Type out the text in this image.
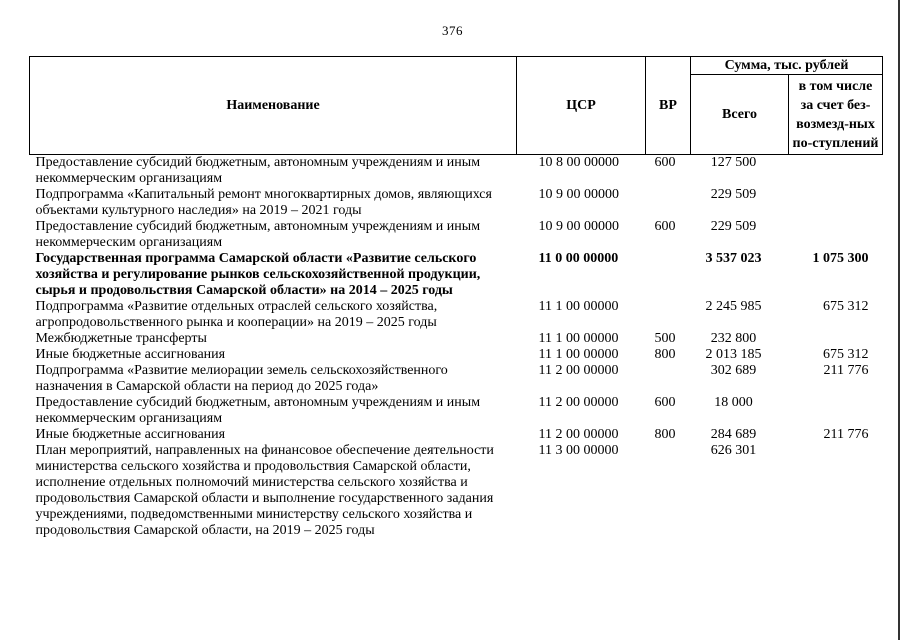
376
Наименование	ЦСР	ВР	Сумма, тыс. рублей	
			Всего	в том числе за счет без-возмезд-ных по-ступлений
Предоставление субсидий бюджетным, автономным учреждениям и иным некоммерческим организациям	10 8 00 00000	600	127 500	
Подпрограмма «Капитальный ремонт многоквартирных домов, являющихся объектами культурного наследия» на 2019 – 2021 годы	10 9 00 00000		229 509	
Предоставление субсидий бюджетным, автономным учреждениям и иным некоммерческим организациям	10 9 00 00000	600	229 509	
Государственная программа Самарской области «Развитие сельского хозяйства и регулирование рынков сельскохозяйственной продукции, сырья и продовольствия Самарской области» на 2014 – 2025 годы	11 0 00 00000		3 537 023	1 075 300
Подпрограмма «Развитие отдельных отраслей сельского хозяйства, агропродовольственного рынка и кооперации» на 2019 – 2025 годы	11 1 00 00000		2 245 985	675 312
Межбюджетные трансферты	11 1 00 00000	500	232 800	
Иные бюджетные ассигнования	11 1 00 00000	800	2 013 185	675 312
Подпрограмма «Развитие мелиорации земель сельскохозяйственного назначения в Самарской области на период до 2025 года»	11 2 00 00000		302 689	211 776
Предоставление субсидий бюджетным, автономным учреждениям и иным некоммерческим организациям	11 2 00 00000	600	18 000	
Иные бюджетные ассигнования	11 2 00 00000	800	284 689	211 776
План мероприятий, направленных на финансовое обеспечение деятельности министерства сельского хозяйства и продовольствия Самарской области, исполнение отдельных полномочий министерства сельского хозяйства и продовольствия Самарской области и выполнение государственного задания учреждениями, подведомственными министерству сельского хозяйства и продовольствия Самарской области, на 2019 – 2025 годы	11 3 00 00000		626 301	
